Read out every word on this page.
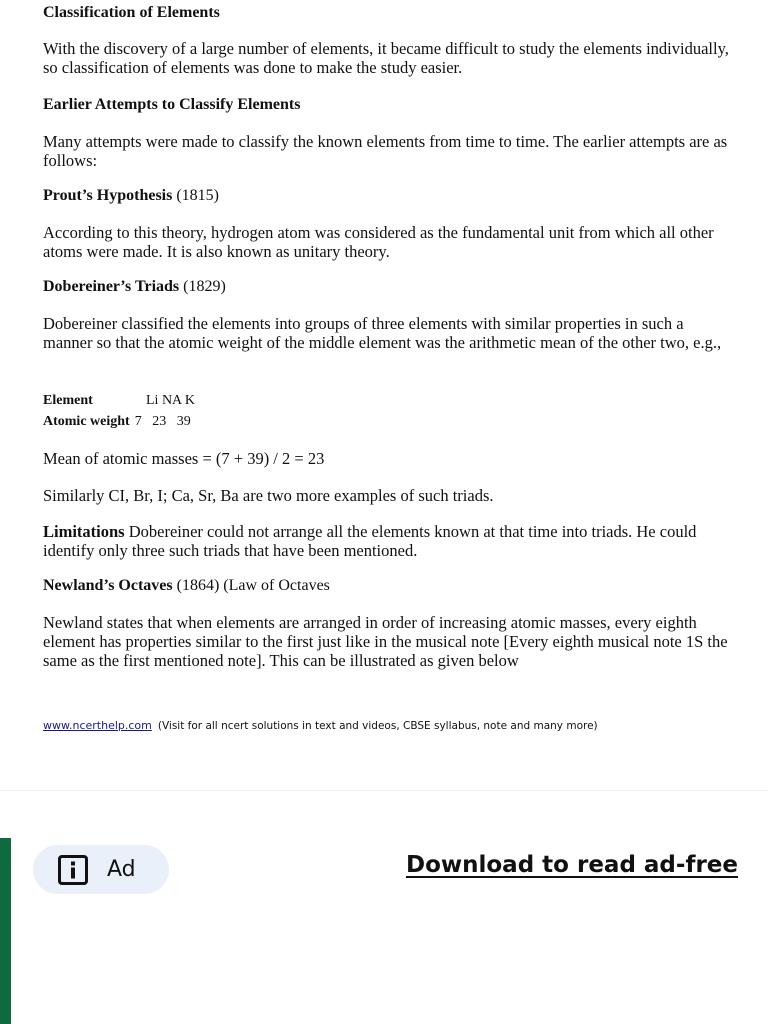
Classification of Elements

With the discovery of a large number of elements, it became difficult to study the elements individually, so classification of elements was done to make the study easier.

Earlier Attempts to Classify Elements

Many attempts were made to classify the known elements from time to time. The earlier attempts are as follows:

Prout’s Hypothesis (1815)

According to this theory, hydrogen atom was considered as the fundamental unit from which all other atoms were made. It is also known as unitary theory.

Dobereiner’s Triads (1829)

Dobereiner classified the elements into groups of three elements with similar properties in such a manner so that the atomic weight of the middle element was the arithmetic mean of the other two, e.g.,

Element	Li NA K
Atomic weight 7   23   39

Mean of atomic masses = (7 + 39) / 2 = 23

Similarly CI, Br, I; Ca, Sr, Ba are two more examples of such triads.

Limitations Dobereiner could not arrange all the elements known at that time into triads. He could identify only three such triads that have been mentioned.

Newland’s Octaves (1864) (Law of Octaves

Newland states that when elements are arranged in order of increasing atomic masses, every eighth element has properties similar to the first just like in the musical note [Every eighth musical note 1S the same as the first mentioned note]. This can be illustrated as given below

www.ncerthelp.com (Visit for all ncert solutions in text and videos, CBSE syllabus, note and many more)

Ad	Download to read ad-free
